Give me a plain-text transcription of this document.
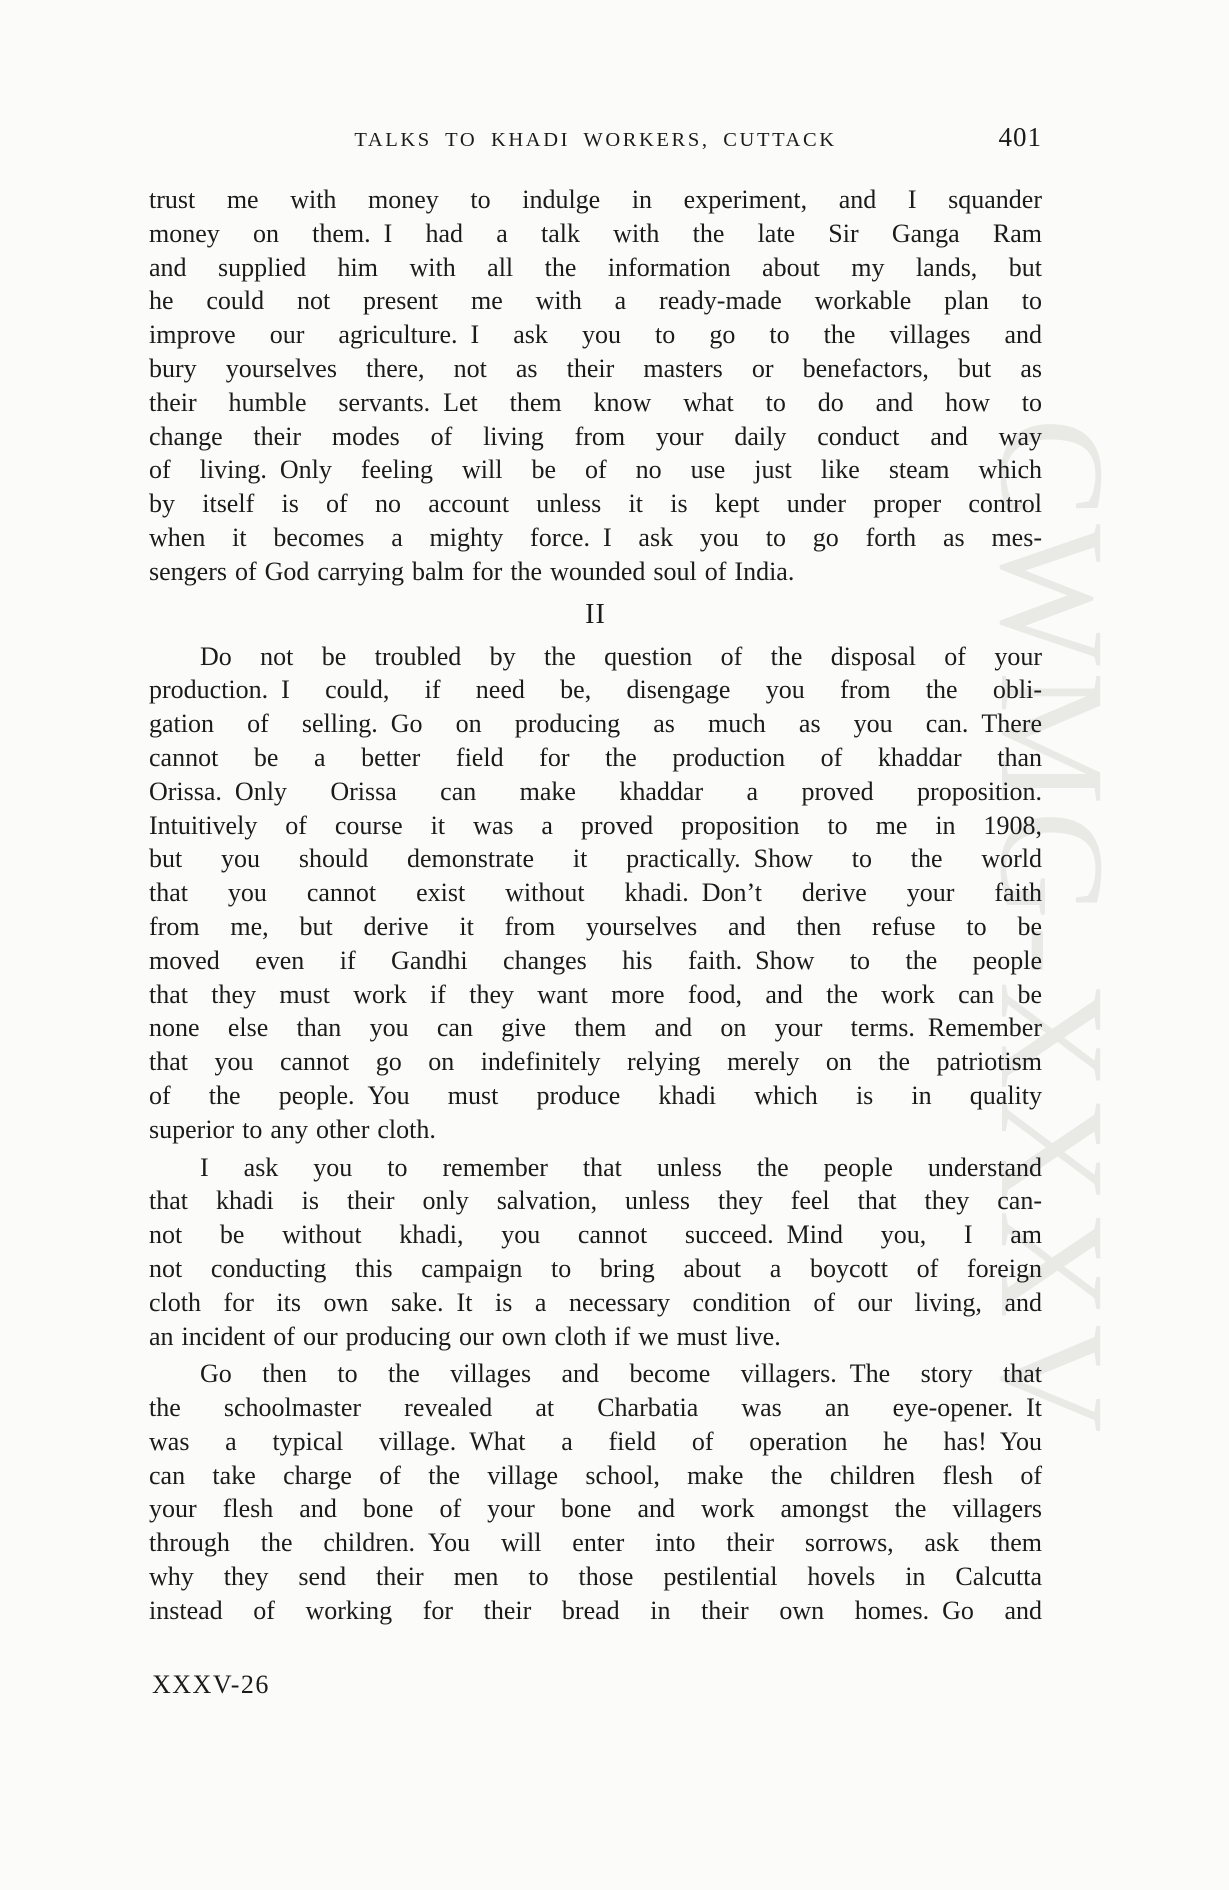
CWMG-XXXV
TALKS TO KHADI WORKERS, CUTTACK	401
trust me with money to indulge in experiment, and I squander
money on them. I had a talk with the late Sir Ganga Ram
and supplied him with all the information about my lands, but
he could not present me with a ready-made workable plan to
improve our agriculture. I ask you to go to the villages and
bury yourselves there, not as their masters or benefactors, but as
their humble servants. Let them know what to do and how to
change their modes of living from your daily conduct and way
of living. Only feeling will be of no use just like steam which
by itself is of no account unless it is kept under proper control
when it becomes a mighty force. I ask you to go forth as mes-
sengers of God carrying balm for the wounded soul of India.
II
Do not be troubled by the question of the disposal of your
production. I could, if need be, disengage you from the obli-
gation of selling. Go on producing as much as you can. There
cannot be a better field for the production of khaddar than
Orissa. Only Orissa can make khaddar a proved proposition.
Intuitively of course it was a proved proposition to me in 1908,
but you should demonstrate it practically. Show to the world
that you cannot exist without khadi. Don’t derive your faith
from me, but derive it from yourselves and then refuse to be
moved even if Gandhi changes his faith. Show to the people
that they must work if they want more food, and the work can be
none else than you can give them and on your terms. Remember
that you cannot go on indefinitely relying merely on the patriotism
of the people. You must produce khadi which is in quality
superior to any other cloth.
I ask you to remember that unless the people understand
that khadi is their only salvation, unless they feel that they can-
not be without khadi, you cannot succeed. Mind you, I am
not conducting this campaign to bring about a boycott of foreign
cloth for its own sake. It is a necessary condition of our living, and
an incident of our producing our own cloth if we must live.
Go then to the villages and become villagers. The story that
the schoolmaster revealed at Charbatia was an eye-opener. It
was a typical village. What a field of operation he has! You
can take charge of the village school, make the children flesh of
your flesh and bone of your bone and work amongst the villagers
through the children. You will enter into their sorrows, ask them
why they send their men to those pestilential hovels in Calcutta
instead of working for their bread in their own homes. Go and
XXXV-26
